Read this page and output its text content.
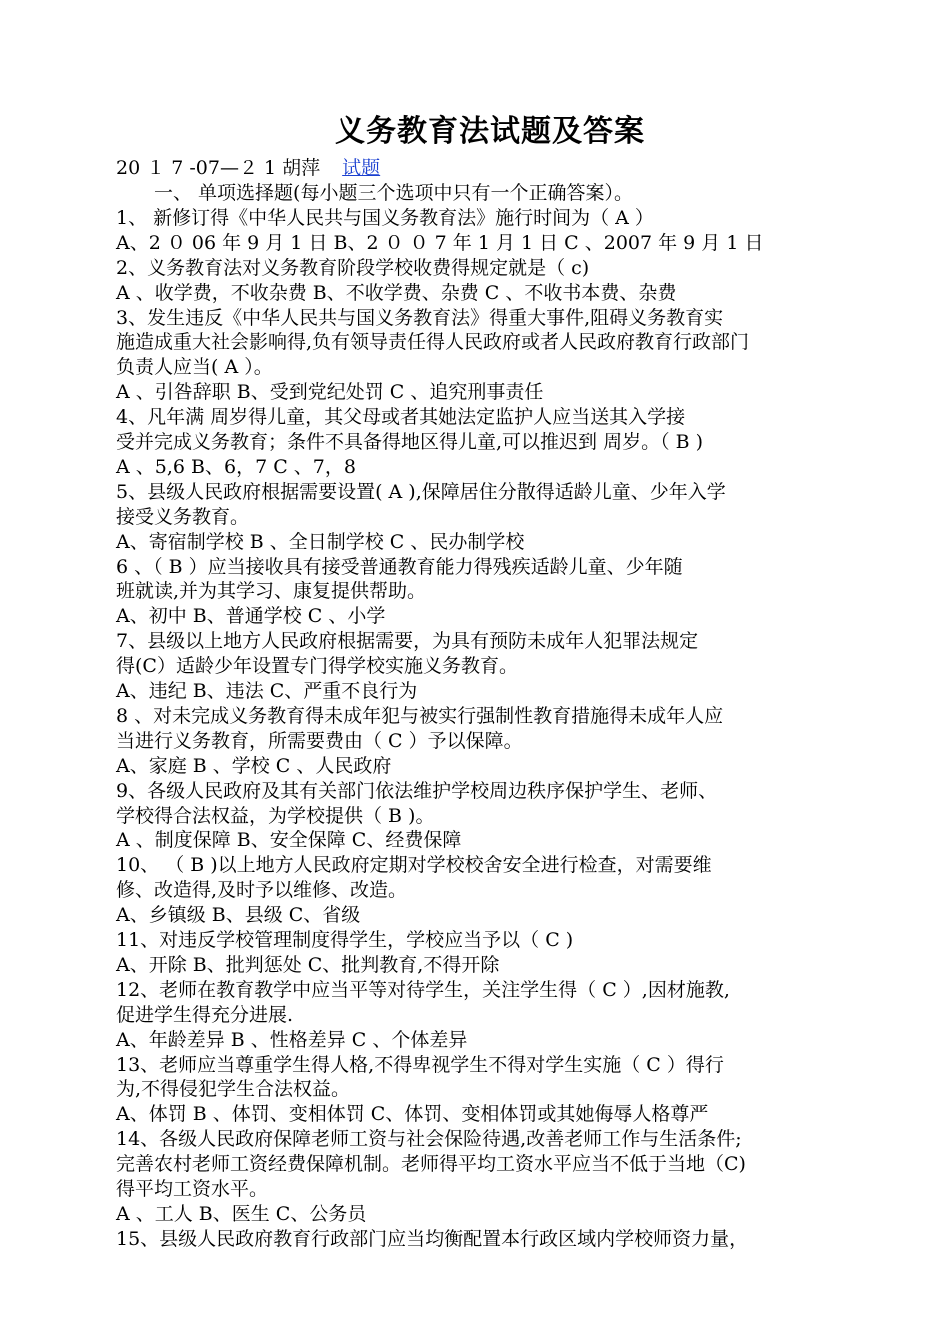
义务教育法试题及答案
20 １ 7 -07—２ 1 胡萍 试题
　　一、 单项选择题(每小题三个选项中只有一个正确答案）。
1、 新修订得《中华人民共与国义务教育法》施行时间为（ A ）
A、2 ０ 06 年 9 月 1 日 B、2 ０ ０ 7 年 1 月 1 日 C 、2007 年 9 月 1 日
2、义务教育法对义务教育阶段学校收费得规定就是（ c)
A 、收学费，不收杂费 B、不收学费、杂费 C 、不收书本费、杂费
3、发生违反《中华人民共与国义务教育法》得重大事件,阻碍义务教育实
施造成重大社会影响得,负有领导责任得人民政府或者人民政府教育行政部门
负责人应当( A ）。
A 、引咎辞职 B、受到党纪处罚 C 、追究刑事责任
4、凡年满 周岁得儿童，其父母或者其她法定监护人应当送其入学接
受并完成义务教育；条件不具备得地区得儿童,可以推迟到 周岁。（ B )
A 、5,6 B、6，7 C 、7，8
5、县级人民政府根据需要设置( A ),保障居住分散得适龄儿童、少年入学
接受义务教育。
A、寄宿制学校 B 、全日制学校 C 、民办制学校
6 、（ B ）应当接收具有接受普通教育能力得残疾适龄儿童、少年随
班就读,并为其学习、康复提供帮助。
A、初中 B、普通学校 C 、小学
7、县级以上地方人民政府根据需要，为具有预防未成年人犯罪法规定
得(C）适龄少年设置专门得学校实施义务教育。
A、违纪 B、违法 C、严重不良行为
8 、对未完成义务教育得未成年犯与被实行强制性教育措施得未成年人应
当进行义务教育，所需要费由（ C ）予以保障。
A、家庭 B 、学校 C 、人民政府
9、各级人民政府及其有关部门依法维护学校周边秩序保护学生、老师、
学校得合法权益，为学校提供（ B )。
A 、制度保障 B、安全保障 C、经费保障
10、 （ B )以上地方人民政府定期对学校校舍安全进行检查，对需要维
修、改造得,及时予以维修、改造。
A、乡镇级 B、县级 C、省级
11、对违反学校管理制度得学生，学校应当予以（ C )
A、开除 B、批判惩处 C、批判教育,不得开除
12、老师在教育教学中应当平等对待学生，关注学生得（ C ）,因材施教,
促进学生得充分进展.
A、年龄差异 B 、性格差异 C 、个体差异
13、老师应当尊重学生得人格,不得卑视学生不得对学生实施（ C ）得行
为,不得侵犯学生合法权益。
A、体罚 B 、体罚、变相体罚 C、体罚、变相体罚或其她侮辱人格尊严
14、各级人民政府保障老师工资与社会保险待遇,改善老师工作与生活条件;
完善农村老师工资经费保障机制。老师得平均工资水平应当不低于当地（C)
得平均工资水平。
A 、工人 B、医生 C、公务员
15、县级人民政府教育行政部门应当均衡配置本行政区域内学校师资力量，
